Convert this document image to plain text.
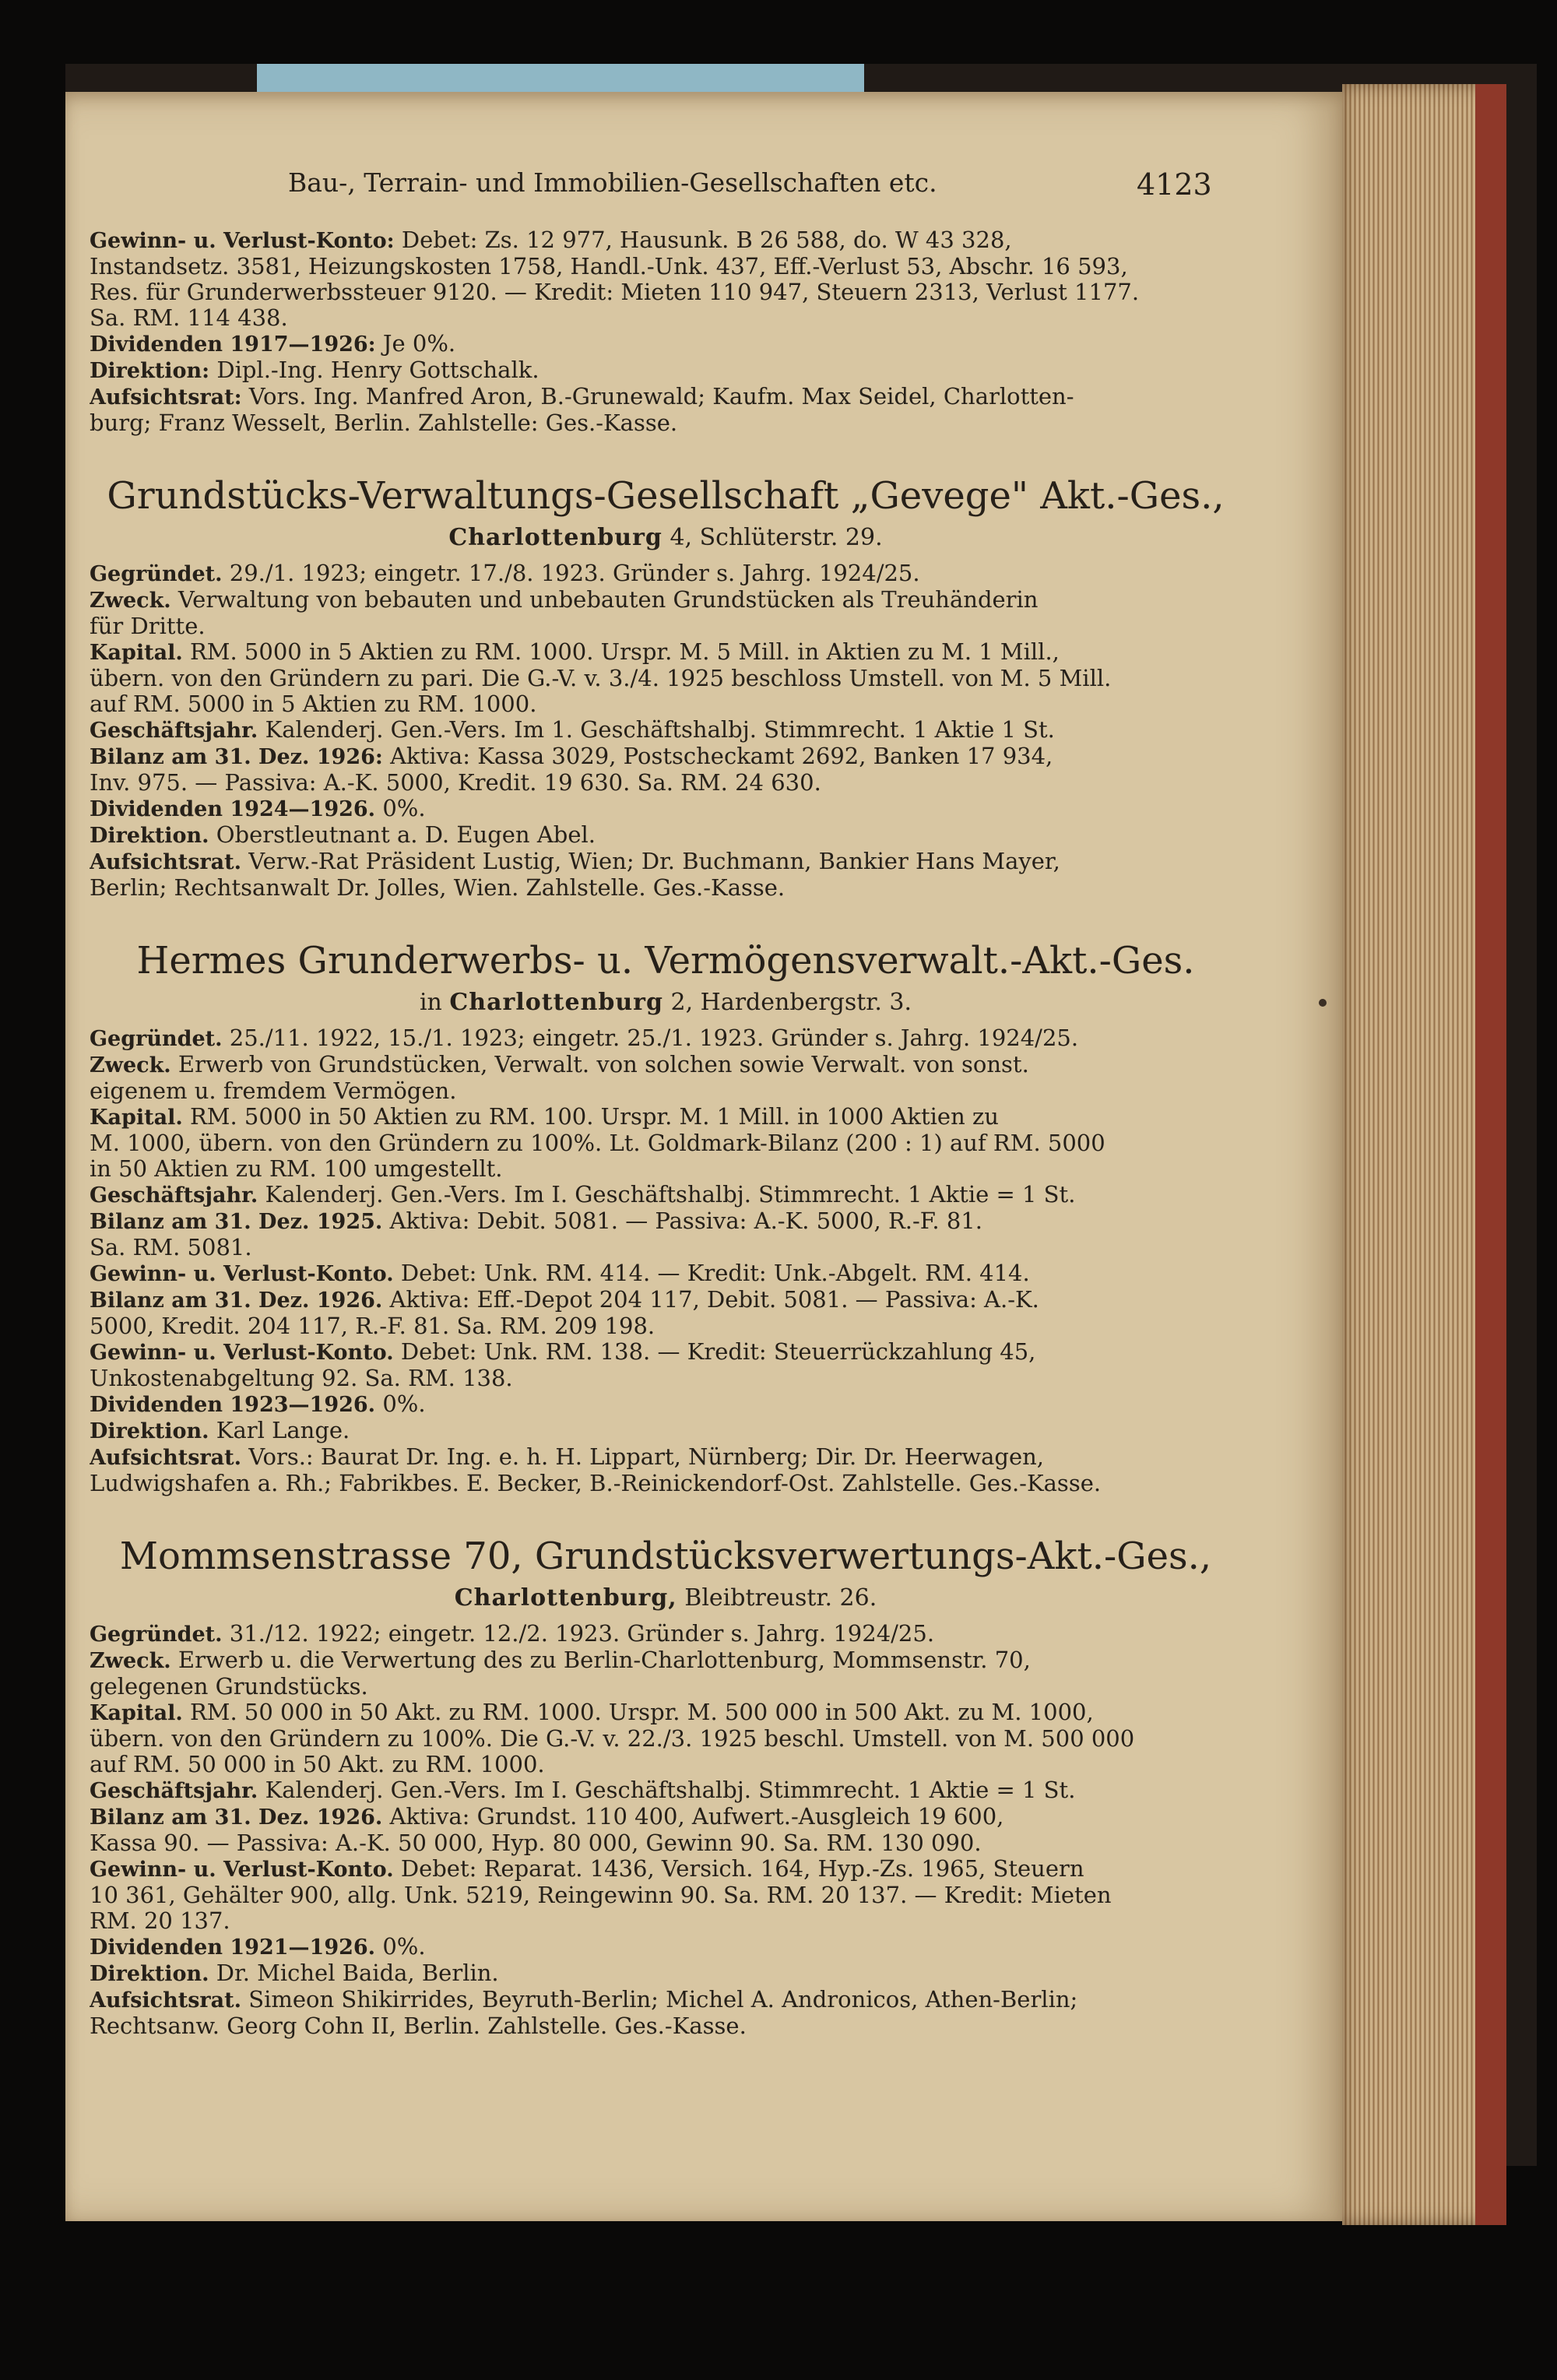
Bau-, Terrain- und Immobilien-Gesellschaften etc.	4123
Gewinn- u. Verlust-Konto: Debet: Zs. 12 977, Hausunk. B 26 588, do. W 43 328,
Instandsetz. 3581, Heizungskosten 1758, Handl.-Unk. 437, Eff.-Verlust 53, Abschr. 16 593,
Res. für Grunderwerbssteuer 9120. — Kredit: Mieten 110 947, Steuern 2313, Verlust 1177.
Sa. RM. 114 438.
Dividenden 1917—1926: Je 0%.
Direktion: Dipl.-Ing. Henry Gottschalk.
Aufsichtsrat: Vors. Ing. Manfred Aron, B.-Grunewald; Kaufm. Max Seidel, Charlotten-
burg; Franz Wesselt, Berlin. Zahlstelle: Ges.-Kasse.
Grundstücks-Verwaltungs-Gesellschaft „Gevege" Akt.-Ges.,
Charlottenburg 4, Schlüterstr. 29.
Gegründet. 29./1. 1923; eingetr. 17./8. 1923. Gründer s. Jahrg. 1924/25.
Zweck. Verwaltung von bebauten und unbebauten Grundstücken als Treuhänderin
für Dritte.
Kapital. RM. 5000 in 5 Aktien zu RM. 1000. Urspr. M. 5 Mill. in Aktien zu M. 1 Mill.,
übern. von den Gründern zu pari. Die G.-V. v. 3./4. 1925 beschloss Umstell. von M. 5 Mill.
auf RM. 5000 in 5 Aktien zu RM. 1000.
Geschäftsjahr. Kalenderj. Gen.-Vers. Im 1. Geschäftshalbj. Stimmrecht. 1 Aktie 1 St.
Bilanz am 31. Dez. 1926: Aktiva: Kassa 3029, Postscheckamt 2692, Banken 17 934,
Inv. 975. — Passiva: A.-K. 5000, Kredit. 19 630. Sa. RM. 24 630.
Dividenden 1924—1926. 0%.
Direktion. Oberstleutnant a. D. Eugen Abel.
Aufsichtsrat. Verw.-Rat Präsident Lustig, Wien; Dr. Buchmann, Bankier Hans Mayer,
Berlin; Rechtsanwalt Dr. Jolles, Wien. Zahlstelle. Ges.-Kasse.
Hermes Grunderwerbs- u. Vermögensverwalt.-Akt.-Ges.
in Charlottenburg 2, Hardenbergstr. 3.
Gegründet. 25./11. 1922, 15./1. 1923; eingetr. 25./1. 1923. Gründer s. Jahrg. 1924/25.
Zweck. Erwerb von Grundstücken, Verwalt. von solchen sowie Verwalt. von sonst.
eigenem u. fremdem Vermögen.
Kapital. RM. 5000 in 50 Aktien zu RM. 100. Urspr. M. 1 Mill. in 1000 Aktien zu
M. 1000, übern. von den Gründern zu 100%. Lt. Goldmark-Bilanz (200 : 1) auf RM. 5000
in 50 Aktien zu RM. 100 umgestellt.
Geschäftsjahr. Kalenderj. Gen.-Vers. Im I. Geschäftshalbj. Stimmrecht. 1 Aktie = 1 St.
Bilanz am 31. Dez. 1925. Aktiva: Debit. 5081. — Passiva: A.-K. 5000, R.-F. 81.
Sa. RM. 5081.
Gewinn- u. Verlust-Konto. Debet: Unk. RM. 414. — Kredit: Unk.-Abgelt. RM. 414.
Bilanz am 31. Dez. 1926. Aktiva: Eff.-Depot 204 117, Debit. 5081. — Passiva: A.-K.
5000, Kredit. 204 117, R.-F. 81. Sa. RM. 209 198.
Gewinn- u. Verlust-Konto. Debet: Unk. RM. 138. — Kredit: Steuerrückzahlung 45,
Unkostenabgeltung 92. Sa. RM. 138.
Dividenden 1923—1926. 0%.
Direktion. Karl Lange.
Aufsichtsrat. Vors.: Baurat Dr. Ing. e. h. H. Lippart, Nürnberg; Dir. Dr. Heerwagen,
Ludwigshafen a. Rh.; Fabrikbes. E. Becker, B.-Reinickendorf-Ost. Zahlstelle. Ges.-Kasse.
Mommsenstrasse 70, Grundstücksverwertungs-Akt.-Ges.,
Charlottenburg, Bleibtreustr. 26.
Gegründet. 31./12. 1922; eingetr. 12./2. 1923. Gründer s. Jahrg. 1924/25.
Zweck. Erwerb u. die Verwertung des zu Berlin-Charlottenburg, Mommsenstr. 70,
gelegenen Grundstücks.
Kapital. RM. 50 000 in 50 Akt. zu RM. 1000. Urspr. M. 500 000 in 500 Akt. zu M. 1000,
übern. von den Gründern zu 100%. Die G.-V. v. 22./3. 1925 beschl. Umstell. von M. 500 000
auf RM. 50 000 in 50 Akt. zu RM. 1000.
Geschäftsjahr. Kalenderj. Gen.-Vers. Im I. Geschäftshalbj. Stimmrecht. 1 Aktie = 1 St.
Bilanz am 31. Dez. 1926. Aktiva: Grundst. 110 400, Aufwert.-Ausgleich 19 600,
Kassa 90. — Passiva: A.-K. 50 000, Hyp. 80 000, Gewinn 90. Sa. RM. 130 090.
Gewinn- u. Verlust-Konto. Debet: Reparat. 1436, Versich. 164, Hyp.-Zs. 1965, Steuern
10 361, Gehälter 900, allg. Unk. 5219, Reingewinn 90. Sa. RM. 20 137. — Kredit: Mieten
RM. 20 137.
Dividenden 1921—1926. 0%.
Direktion. Dr. Michel Baida, Berlin.
Aufsichtsrat. Simeon Shikirrides, Beyruth-Berlin; Michel A. Andronicos, Athen-Berlin;
Rechtsanw. Georg Cohn II, Berlin. Zahlstelle. Ges.-Kasse.
